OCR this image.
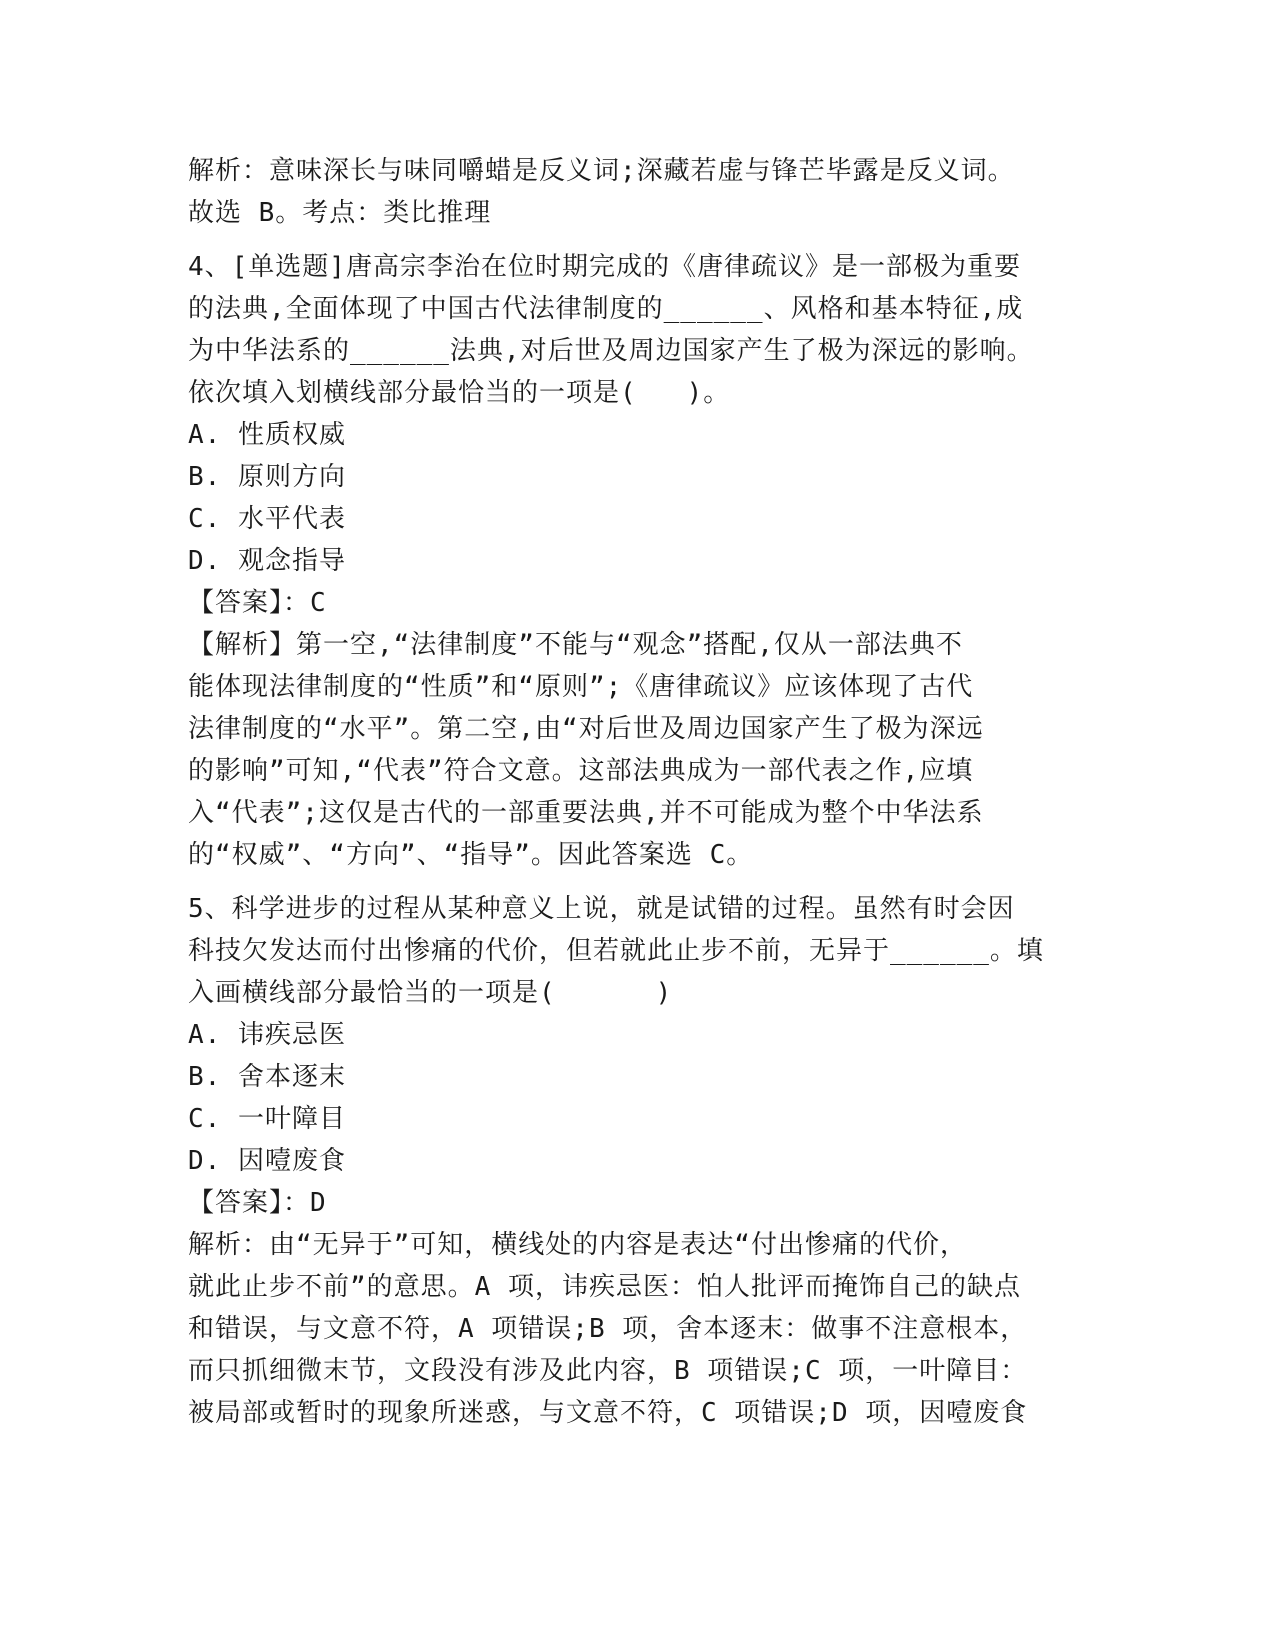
解析：意味深长与味同嚼蜡是反义词;深藏若虚与锋芒毕露是反义词。
故选 B。考点：类比推理
4、[单选题]唐高宗李治在位时期完成的《唐律疏议》是一部极为重要
的法典,全面体现了中国古代法律制度的______、风格和基本特征,成
为中华法系的______法典,对后世及周边国家产生了极为深远的影响。
依次填入划横线部分最恰当的一项是(   )。
A. 性质权威
B. 原则方向
C. 水平代表
D. 观念指导
【答案】：C
【解析】第一空,“法律制度”不能与“观念”搭配,仅从一部法典不
能体现法律制度的“性质”和“原则”;《唐律疏议》应该体现了古代
法律制度的“水平”。第二空,由“对后世及周边国家产生了极为深远
的影响”可知,“代表”符合文意。这部法典成为一部代表之作,应填
入“代表”;这仅是古代的一部重要法典,并不可能成为整个中华法系
的“权威”、“方向”、“指导”。因此答案选 C。
5、科学进步的过程从某种意义上说，就是试错的过程。虽然有时会因
科技欠发达而付出惨痛的代价，但若就此止步不前，无异于______。填
入画横线部分最恰当的一项是(      )
A. 讳疾忌医
B. 舍本逐末
C. 一叶障目
D. 因噎废食
【答案】：D
解析：由“无异于”可知，横线处的内容是表达“付出惨痛的代价，
就此止步不前”的意思。A 项，讳疾忌医：怕人批评而掩饰自己的缺点
和错误，与文意不符，A 项错误;B 项，舍本逐末：做事不注意根本，
而只抓细微末节，文段没有涉及此内容，B 项错误;C 项，一叶障目：
被局部或暂时的现象所迷惑，与文意不符，C 项错误;D 项，因噎废食
